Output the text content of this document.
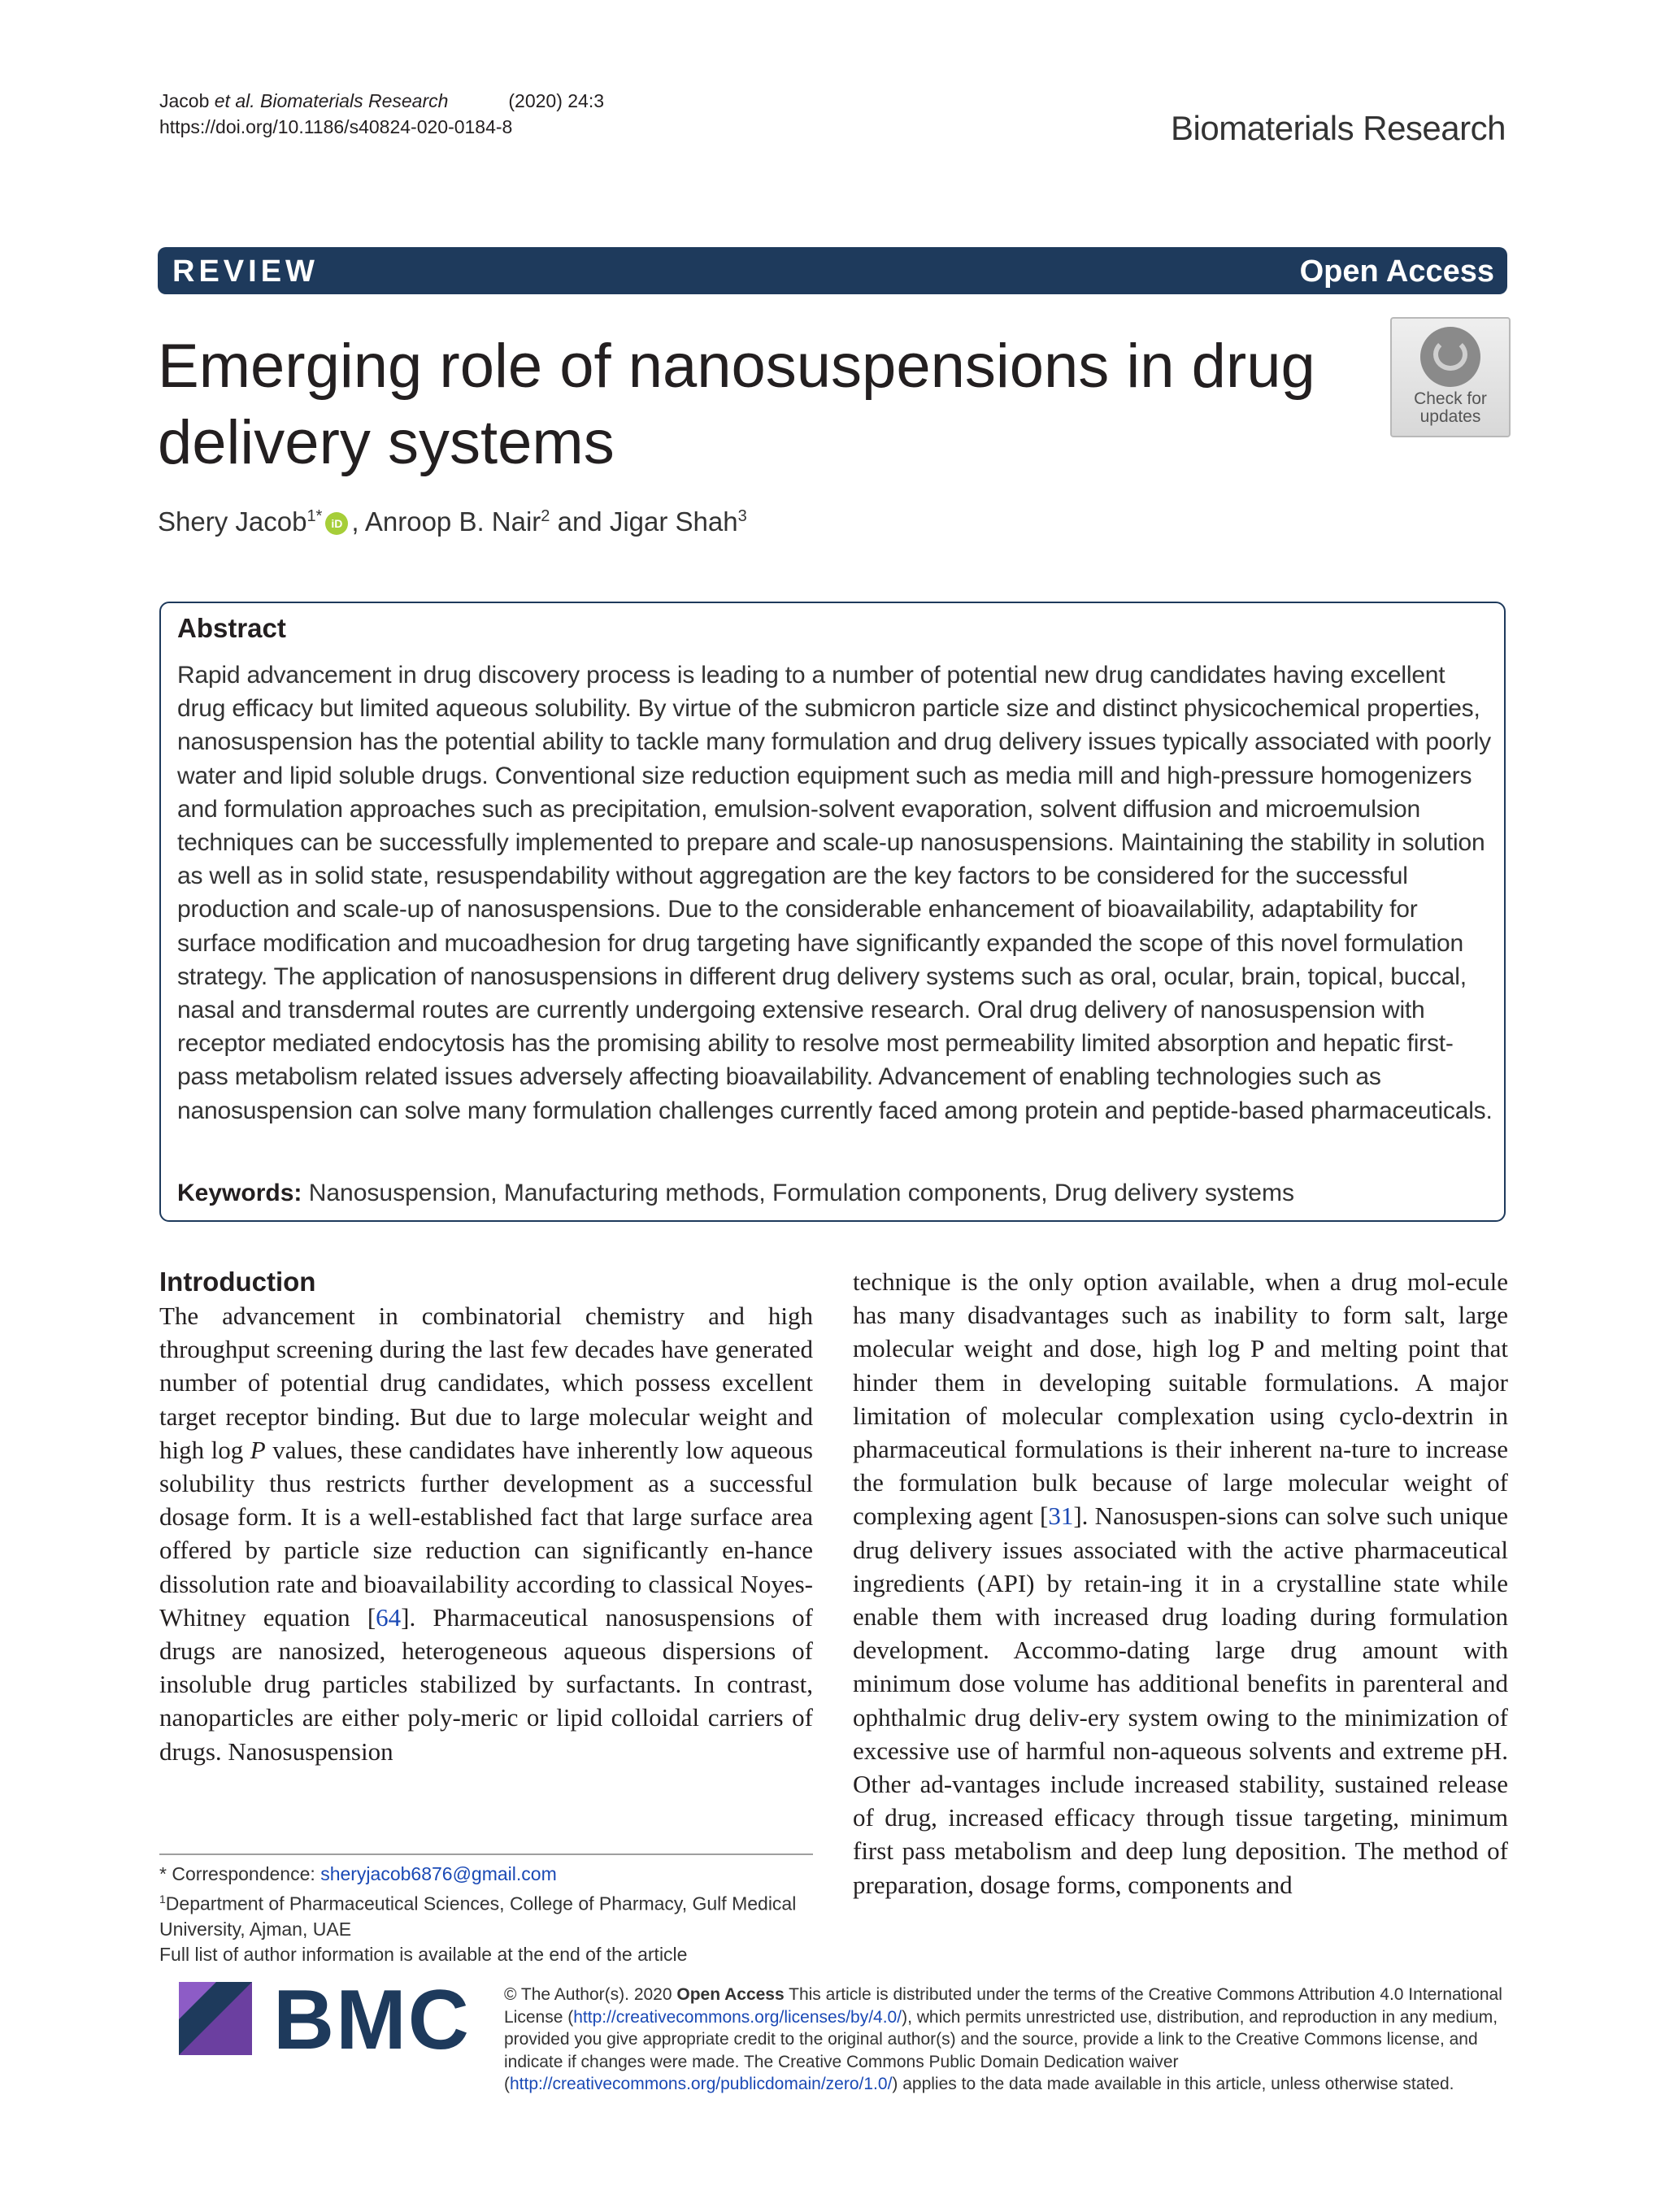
Jacob et al. Biomaterials Research	(2020) 24:3
https://doi.org/10.1186/s40824-020-0184-8	Biomaterials Research
REVIEW	Open Access
Emerging role of nanosuspensions in drug delivery systems
Check for
updates
Shery Jacob$^{1*}$ iD , Anroop B. Nair$^2$ and Jigar Shah$^3$
Abstract

Rapid advancement in drug discovery process is leading to a number of potential new drug candidates having excellent drug efficacy but limited aqueous solubility. By virtue of the submicron particle size and distinct physicochemical properties, nanosuspension has the potential ability to tackle many formulation and drug delivery issues typically associated with poorly water and lipid soluble drugs. Conventional size reduction equipment such as media mill and high-pressure homogenizers and formulation approaches such as precipitation, emulsion-solvent evaporation, solvent diffusion and microemulsion techniques can be successfully implemented to prepare and scale-up nanosuspensions. Maintaining the stability in solution as well as in solid state, resuspendability without aggregation are the key factors to be considered for the successful production and scale-up of nanosuspensions. Due to the considerable enhancement of bioavailability, adaptability for surface modification and mucoadhesion for drug targeting have significantly expanded the scope of this novel formulation strategy. The application of nanosuspensions in different drug delivery systems such as oral, ocular, brain, topical, buccal, nasal and transdermal routes are currently undergoing extensive research. Oral drug delivery of nanosuspension with receptor mediated endocytosis has the promising ability to resolve most permeability limited absorption and hepatic first-pass metabolism related issues adversely affecting bioavailability. Advancement of enabling technologies such as nanosuspension can solve many formulation challenges currently faced among protein and peptide-based pharmaceuticals.

Keywords: Nanosuspension, Manufacturing methods, Formulation components, Drug delivery systems

Introduction

The advancement in combinatorial chemistry and high throughput screening during the last few decades have generated number of potential drug candidates, which possess excellent target receptor binding. But due to large molecular weight and high log P values, these candidates have inherently low aqueous solubility thus restricts further development as a successful dosage form. It is a well-established fact that large surface area offered by particle size reduction can significantly en-hance dissolution rate and bioavailability according to classical Noyes-Whitney equation [64]. Pharmaceutical nanosuspensions of drugs are nanosized, heterogeneous aqueous dispersions of insoluble drug particles stabilized by surfactants. In contrast, nanoparticles are either poly-meric or lipid colloidal carriers of drugs. Nanosuspension

technique is the only option available, when a drug mol-ecule has many disadvantages such as inability to form salt, large molecular weight and dose, high log P and melting point that hinder them in developing suitable formulations. A major limitation of molecular complexation using cyclo-dextrin in pharmaceutical formulations is their inherent na-ture to increase the formulation bulk because of large molecular weight of complexing agent [31]. Nanosuspen-sions can solve such unique drug delivery issues associated with the active pharmaceutical ingredients (API) by retain-ing it in a crystalline state while enable them with increased drug loading during formulation development. Accommo-dating large drug amount with minimum dose volume has additional benefits in parenteral and ophthalmic drug deliv-ery system owing to the minimization of excessive use of harmful non-aqueous solvents and extreme pH. Other ad-vantages include increased stability, sustained release of drug, increased efficacy through tissue targeting, minimum first pass metabolism and deep lung deposition. The method of preparation, dosage forms, components and

* Correspondence: sheryjacob6876@gmail.com
$^1$Department of Pharmaceutical Sciences, College of Pharmacy, Gulf Medical University, Ajman, UAE
Full list of author information is available at the end of the article
BMC © The Author(s). 2020 Open Access This article is distributed under the terms of the Creative Commons Attribution 4.0 International License (http://creativecommons.org/licenses/by/4.0/), which permits unrestricted use, distribution, and reproduction in any medium, provided you give appropriate credit to the original author(s) and the source, provide a link to the Creative Commons license, and indicate if changes were made. The Creative Commons Public Domain Dedication waiver (http://creativecommons.org/publicdomain/zero/1.0/) applies to the data made available in this article, unless otherwise stated.
